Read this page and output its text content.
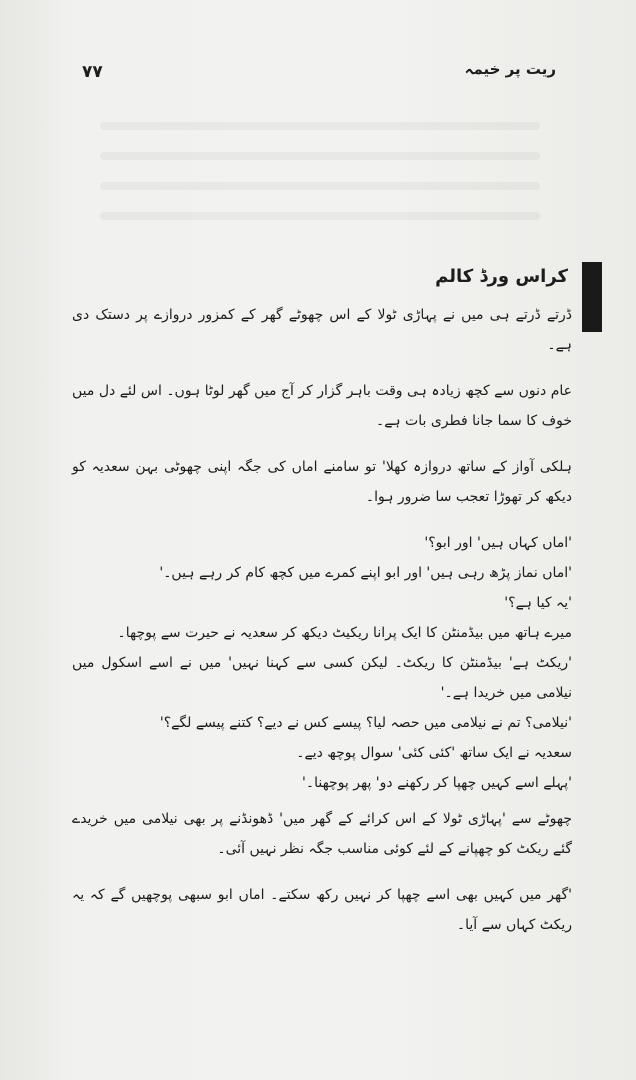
٧٧	ریت پر خیمہ
کراس ورڈ کالم

ڈرتے ڈرتے ہی میں نے پہاڑی ٹولا کے اس چھوٹے گھر کے کمزور دروازے پر دستک دی ہے۔

عام دنوں سے کچھ زیادہ ہی وقت باہر گزار کر آج میں گھر لوٹا ہوں۔ اس لئے دل میں خوف کا سما جانا فطری بات ہے۔

ہلکی آواز کے ساتھ دروازہ کھلا' تو سامنے اماں کی جگہ اپنی چھوٹی بہن سعدیہ کو دیکھ کر تھوڑا تعجب سا ضرور ہوا۔

'اماں کہاں ہیں' اور ابو؟'

'اماں نماز پڑھ رہی ہیں' اور ابو اپنے کمرے میں کچھ کام کر رہے ہیں۔'

'یہ کیا ہے؟'

میرے ہاتھ میں بیڈمنٹن کا ایک پرانا ریکیٹ دیکھ کر سعدیہ نے حیرت سے پوچھا۔

'ریکٹ ہے' بیڈمنٹن کا ریکٹ۔ لیکن کسی سے کہنا نہیں' میں نے اسے اسکول میں نیلامی میں خریدا ہے۔'

'نیلامی؟ تم نے نیلامی میں حصہ لیا؟ پیسے کس نے دیے؟ کتنے پیسے لگے؟'

سعدیہ نے ایک ساتھ 'کئی کئی' سوال پوچھ دیے۔

'پہلے اسے کہیں چھپا کر رکھنے دو' پھر پوچھنا۔'

چھوٹے سے 'پہاڑی ٹولا کے اس کرائے کے گھر میں' ڈھونڈنے پر بھی نیلامی میں خریدے گئے ریکٹ کو چھپانے کے لئے کوئی مناسب جگہ نظر نہیں آئی۔

'گھر میں کہیں بھی اسے چھپا کر نہیں رکھ سکتے۔ اماں ابو سبھی پوچھیں گے کہ یہ ریکٹ کہاں سے آیا۔
